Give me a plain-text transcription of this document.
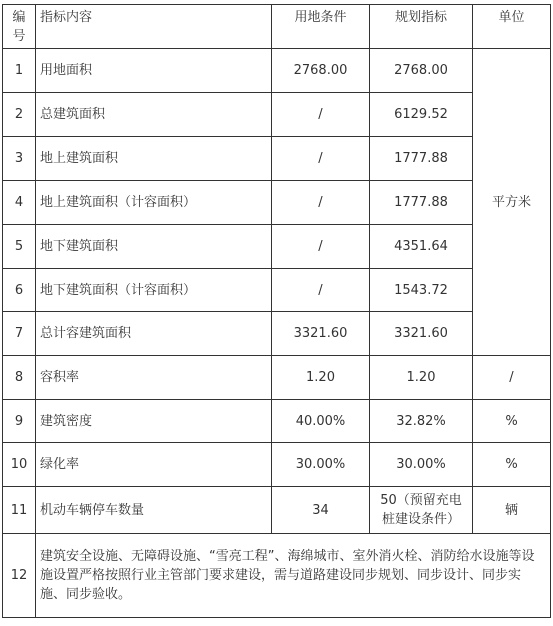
编号	指标内容	用地条件	规划指标	单位
1	用地面积	2768.00	2768.00	平方米
2	总建筑面积	/	6129.52	
3	地上建筑面积	/	1777.88	
4	地上建筑面积（计容面积）	/	1777.88	
5	地下建筑面积	/	4351.64	
6	地下建筑面积（计容面积）	/	1543.72	
7	总计容建筑面积	3321.60	3321.60	
8	容积率	1.20	1.20	/
9	建筑密度	40.00%	32.82%	%
10	绿化率	30.00%	30.00%	%
11	机动车辆停车数量	34	50（预留充电桩建设条件）	辆
12	建筑安全设施、无障碍设施、“雪亮工程”、海绵城市、室外消火栓、消防给水设施等设施设置严格按照行业主管部门要求建设，需与道路建设同步规划、同步设计、同步实施、同步验收。			
